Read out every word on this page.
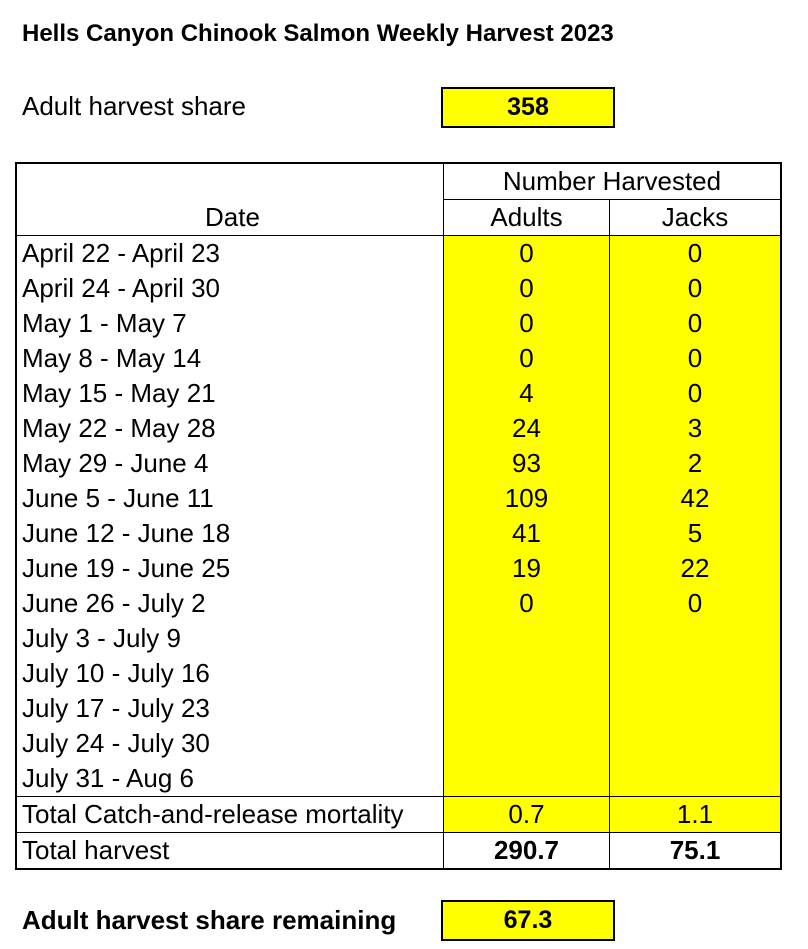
Hells Canyon Chinook Salmon Weekly Harvest 2023
Adult harvest share	358
	Number Harvested	
Date	Adults	Jacks
April 22 - April 23	0	0
April 24 - April 30	0	0
May 1 - May 7	0	0
May 8 - May 14	0	0
May 15 - May 21	4	0
May 22 - May 28	24	3
May 29 - June 4	93	2
June 5 - June 11	109	42
June 12 - June 18	41	5
June 19 - June 25	19	22
June 26 - July 2	0	0
July 3 - July 9		
July 10 - July 16		
July 17 - July 23		
July 24 - July 30		
July 31 - Aug 6		
Total Catch-and-release mortality	0.7	1.1
Total harvest	290.7	75.1
Adult harvest share remaining	67.3
